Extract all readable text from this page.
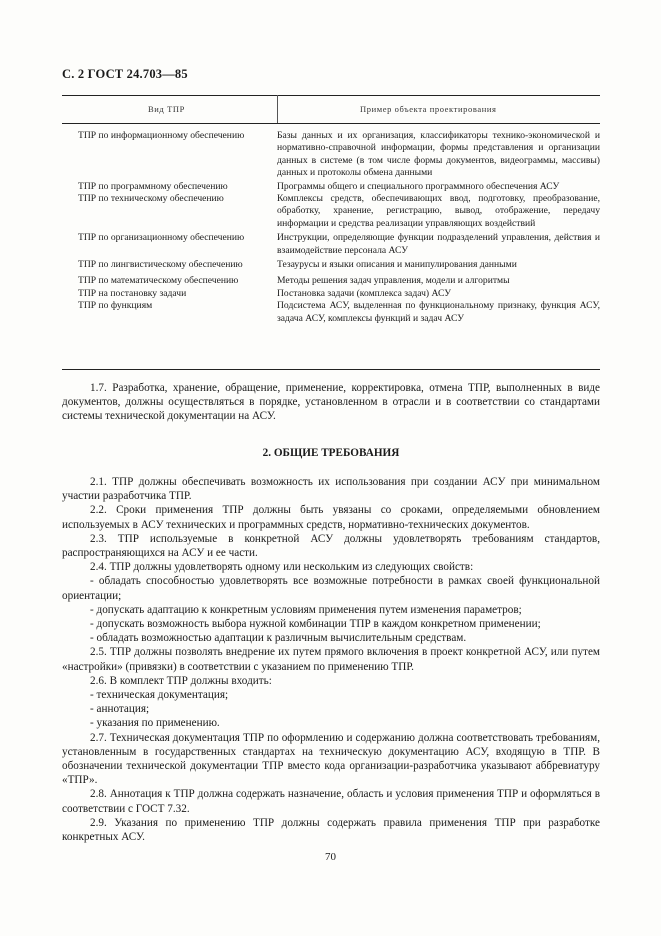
С. 2 ГОСТ 24.703—85
Вид ТПР	Пример объекта проектирования
ТПР по информационному обеспечению	Базы данных и их организация, классификаторы технико-экономической и нормативно-справочной информации, формы представления и организации данных в системе (в том числе формы документов, видеограммы, массивы) данных и протоколы обмена данными
ТПР по программному обеспечению	Программы общего и специального программного обеспечения АСУ
ТПР по техническому обеспечению	Комплексы средств, обеспечивающих ввод, подготовку, преобразование, обработку, хранение, регистрацию, вывод, отображение, передачу информации и средства реализации управляющих воздействий
ТПР по организационному обеспечению	Инструкции, определяющие функции подразделений управления, действия и взаимодействие персонала АСУ
ТПР по лингвистическому обеспечению	Тезаурусы и языки описания и манипулирования данными
ТПР по математическому обеспечению	Методы решения задач управления, модели и алгоритмы
ТПР на постановку задачи	Постановка задачи (комплекса задач) АСУ
ТПР по функциям	Подсистема АСУ, выделенная по функциональному признаку, функция АСУ, задача АСУ, комплексы функций и задач АСУ

1.7. Разработка, хранение, обращение, применение, корректировка, отмена ТПР, выполненных в виде документов, должны осуществляться в порядке, установленном в отрасли и в соответствии со стандартами системы технической документации на АСУ.

2. ОБЩИЕ ТРЕБОВАНИЯ

2.1. ТПР должны обеспечивать возможность их использования при создании АСУ при минимальном участии разработчика ТПР.

2.2. Сроки применения ТПР должны быть увязаны со сроками, определяемыми обновлением используемых в АСУ технических и программных средств, нормативно-технических документов.

2.3. ТПР используемые в конкретной АСУ должны удовлетворять требованиям стандартов, распространяющихся на АСУ и ее части.

2.4. ТПР должны удовлетворять одному или нескольким из следующих свойств:

- обладать способностью удовлетворять все возможные потребности в рамках своей функциональной ориентации;

- допускать адаптацию к конкретным условиям применения путем изменения параметров;

- допускать возможность выбора нужной комбинации ТПР в каждом конкретном применении;

- обладать возможностью адаптации к различным вычислительным средствам.

2.5. ТПР должны позволять внедрение их путем прямого включения в проект конкретной АСУ, или путем «настройки» (привязки) в соответствии с указанием по применению ТПР.

2.6. В комплект ТПР должны входить:

- техническая документация;

- аннотация;

- указания по применению.

2.7. Техническая документация ТПР по оформлению и содержанию должна соответствовать требованиям, установленным в государственных стандартах на техническую документацию АСУ, входящую в ТПР. В обозначении технической документации ТПР вместо кода организации-разработчика указывают аббревиатуру «ТПР».

2.8. Аннотация к ТПР должна содержать назначение, область и условия применения ТПР и оформляться в соответствии с ГОСТ 7.32.

2.9. Указания по применению ТПР должны содержать правила применения ТПР при разработке конкретных АСУ.

70
